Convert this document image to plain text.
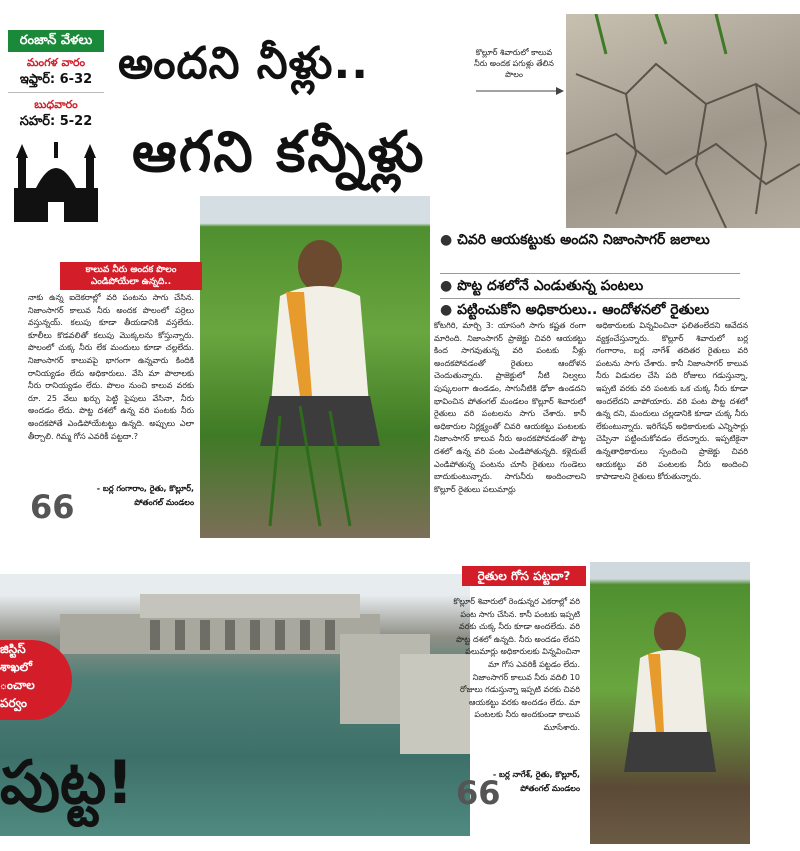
రంజాన్ వేళలు
మంగళ వారం
ఇఫ్తార్: 6-32
బుధవారం
సహర్: 5-22
అందని నీళ్లు..
ఆగని కన్నీళ్లు
కొల్లూర్ శివారులో కాలువ నీరు అందక పగుళ్లు తేలిన పొలం
● చివరి ఆయకట్టుకు అందని నిజాంసాగర్ జలాలు
● పొట్ట దశలోనే ఎండుతున్న పంటలు
● పట్టించుకోని అధికారులు.. ఆందోళనలో రైతులు
కాలువ నీరు అందక పొలం ఎండిపోయేలా ఉన్నది..
నాకు ఉన్న ఐదెకరాల్లో వరి పంటను సాగు చేసిన. నిజాంసాగర్ కాలువ నీరు అందక పొలంలో పర్రెలు వస్తున్నయ్. కలుపు కూడా తీయడానికి వస్తలేదు. కూలీలు కొడవలితో కలుపు మొక్కలను కోస్తున్నారు. పొలంలో చుక్క నీరు లేక మందులు కూడా చల్లలేదు. నిజాంసాగర్ కాలువపై భాగంగా ఉన్నవారు కిందికి రానియ్యడం లేదు అధికారులు. వేసి మా పొలాలకు నీరు రానియ్యడం లేదు. పొలం నుంచి కాలువ వరకు రూ. 25 వేలు ఖర్చు పెట్టి పైపులు వేసినా, నీరు అందడం లేదు. పొట్ట దశలో ఉన్న వరి పంటకు నీరు అందకపోతే ఎండిపోయేటట్టు ఉన్నది. అప్పులు ఎలా తీర్చాలి. గిమ్మ గోస ఎవరికీ పట్టదా.?
- బర్ల గంగారాం, రైతు, కొల్లూర్,
పోతంగల్ మండలం
66
కోటగిరి, మార్చి 3: యాసంగి సాగు కష్టత రంగా మారింది. నిజాంసాగర్ ప్రాజెక్టు చివరి ఆయకట్టు కింద సాగవుతున్న వరి పంటకు నీళ్లు అందకపోవడంతో రైతులు ఆందోళన చెందుతున్నారు. ప్రాజెక్టులో నీటి నిల్వలు పుష్కలంగా ఉండడం, సాగునీటికి ఢోకా ఉండదని భావించిన పోతంగల్ మండలం కొల్లూర్ శివారులో రైతులు వరి పంటలను సాగు చేశారు. కానీ అధికారుల నిర్లక్ష్యంతో చివరి ఆయకట్టు పంటలకు నిజాంసాగర్ కాలువ నీరు అందకపోవడంతో పొట్ట దశలో ఉన్న వరి పంట ఎండిపోతున్నది. కళ్లెదుటే ఎండిపోతున్న పంటను చూసి రైతులు గుండెలు బాదుకుంటున్నారు. సాగునీరు అందించాలని కొల్లూర్ రైతులు పలుమార్లు
అధికారులకు విన్నవించినా ఫలితంలేదని ఆవేదన వ్యక్తంచేస్తున్నారు. కొల్లూర్ శివారులో బర్ల గంగారాం, బర్ల నాగేశ్ తదితర రైతులు వరి పంటను సాగు చేశారు. కానీ నిజాంసాగర్ కాలువ నీరు విడుదల చేసి పది రోజులు గడుస్తున్నా, ఇప్పటి వరకు వరి పంటకు ఒక చుక్క నీరు కూడా అందలేదని వాపోయారు. వరి పంట పొట్ట దశలో ఉన్న దని, మందులు చల్లడానికి కూడా చుక్క నీరు లేకుంటున్నారు. ఇరిగేషన్ అధికారులకు ఎన్నిసార్లు చెప్పినా పట్టించుకోవడం లేదన్నారు. ఇప్పటికైనా ఉన్నతాధికారులు స్పందించి ప్రాజెక్టు చివరి ఆయకట్టు వరి పంటలకు నీరు అందించి కాపాడాలని రైతులు కోరుతున్నారు.
జిస్టిస్
శాఖలో
ంచాల
పర్వం
పుట్ట!
రైతుల గోస పట్టదా?
కొల్లూర్ శివారులో రెండున్నర ఎకరాల్లో వరి పంట సాగు చేసిన. కానీ పంటకు ఇప్పటి వరకు చుక్క నీరు కూడా అందలేదు. వరి పొట్ట దశలో ఉన్నది. నీరు అందడం లేదని పలుమార్లు అధికారులకు విన్నవించినా మా గోస ఎవరికీ పట్టడం లేదు. నిజాంసాగర్ కాలువ నీరు వదిలి 10 రోజులు గడుస్తున్నా ఇప్పటి వరకు చివరి ఆయకట్టు వరకు అందడం లేదు. మా పంటలకు నీరు అందకుండా కాలువ మూసేశారు.
- బర్ల నాగేశ్, రైతు, కొల్లూర్,
పోతంగల్ మండలం
66
